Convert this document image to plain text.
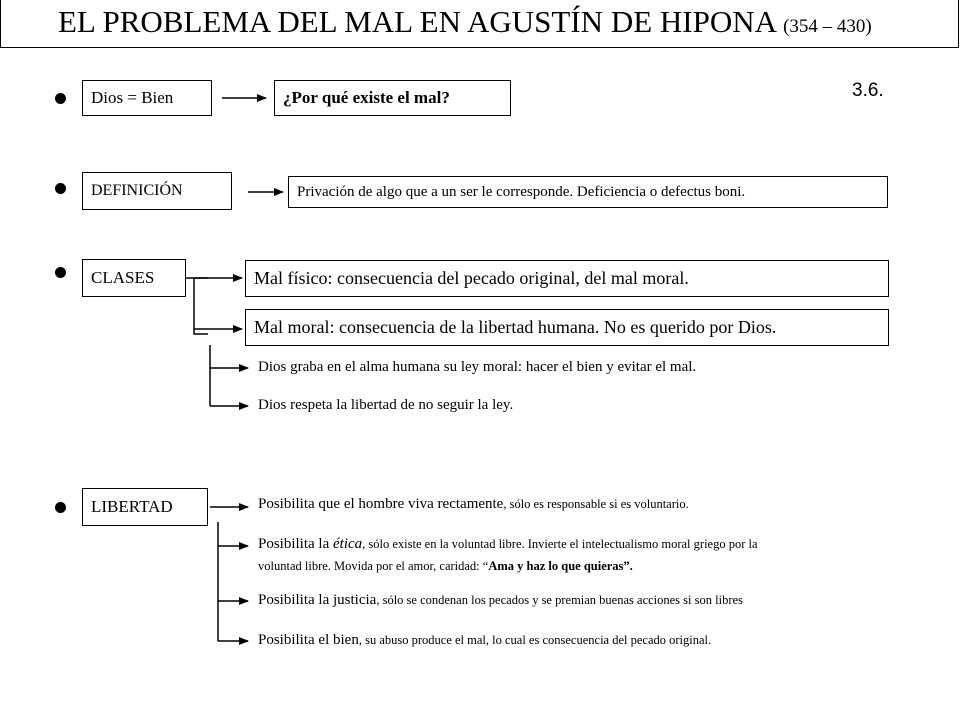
EL PROBLEMA DEL MAL EN AGUSTÍN DE HIPONA (354 – 430)
3.6.
Dios = Bien	¿Por qué existe el mal?
DEFINICIÓN	Privación de algo que a un ser le corresponde. Deficiencia o defectus boni.
CLASES	Mal físico: consecuencia del pecado original, del mal moral.
Mal moral: consecuencia de la libertad humana. No es querido por Dios.
Dios graba en el alma humana su ley moral: hacer el bien y evitar el mal.
Dios respeta la libertad de no seguir la ley.
LIBERTAD	Posibilita que el hombre viva rectamente, sólo es responsable si es voluntario.
Posibilita la ética, sólo existe en la voluntad libre. Invierte el intelectualismo moral griego por la
voluntad libre. Movida por el amor, caridad: “Ama y haz lo que quieras”.
Posibilita la justicia, sólo se condenan los pecados y se premian buenas acciones si son libres
Posibilita el bien, su abuso produce el mal, lo cual es consecuencia del pecado original.
